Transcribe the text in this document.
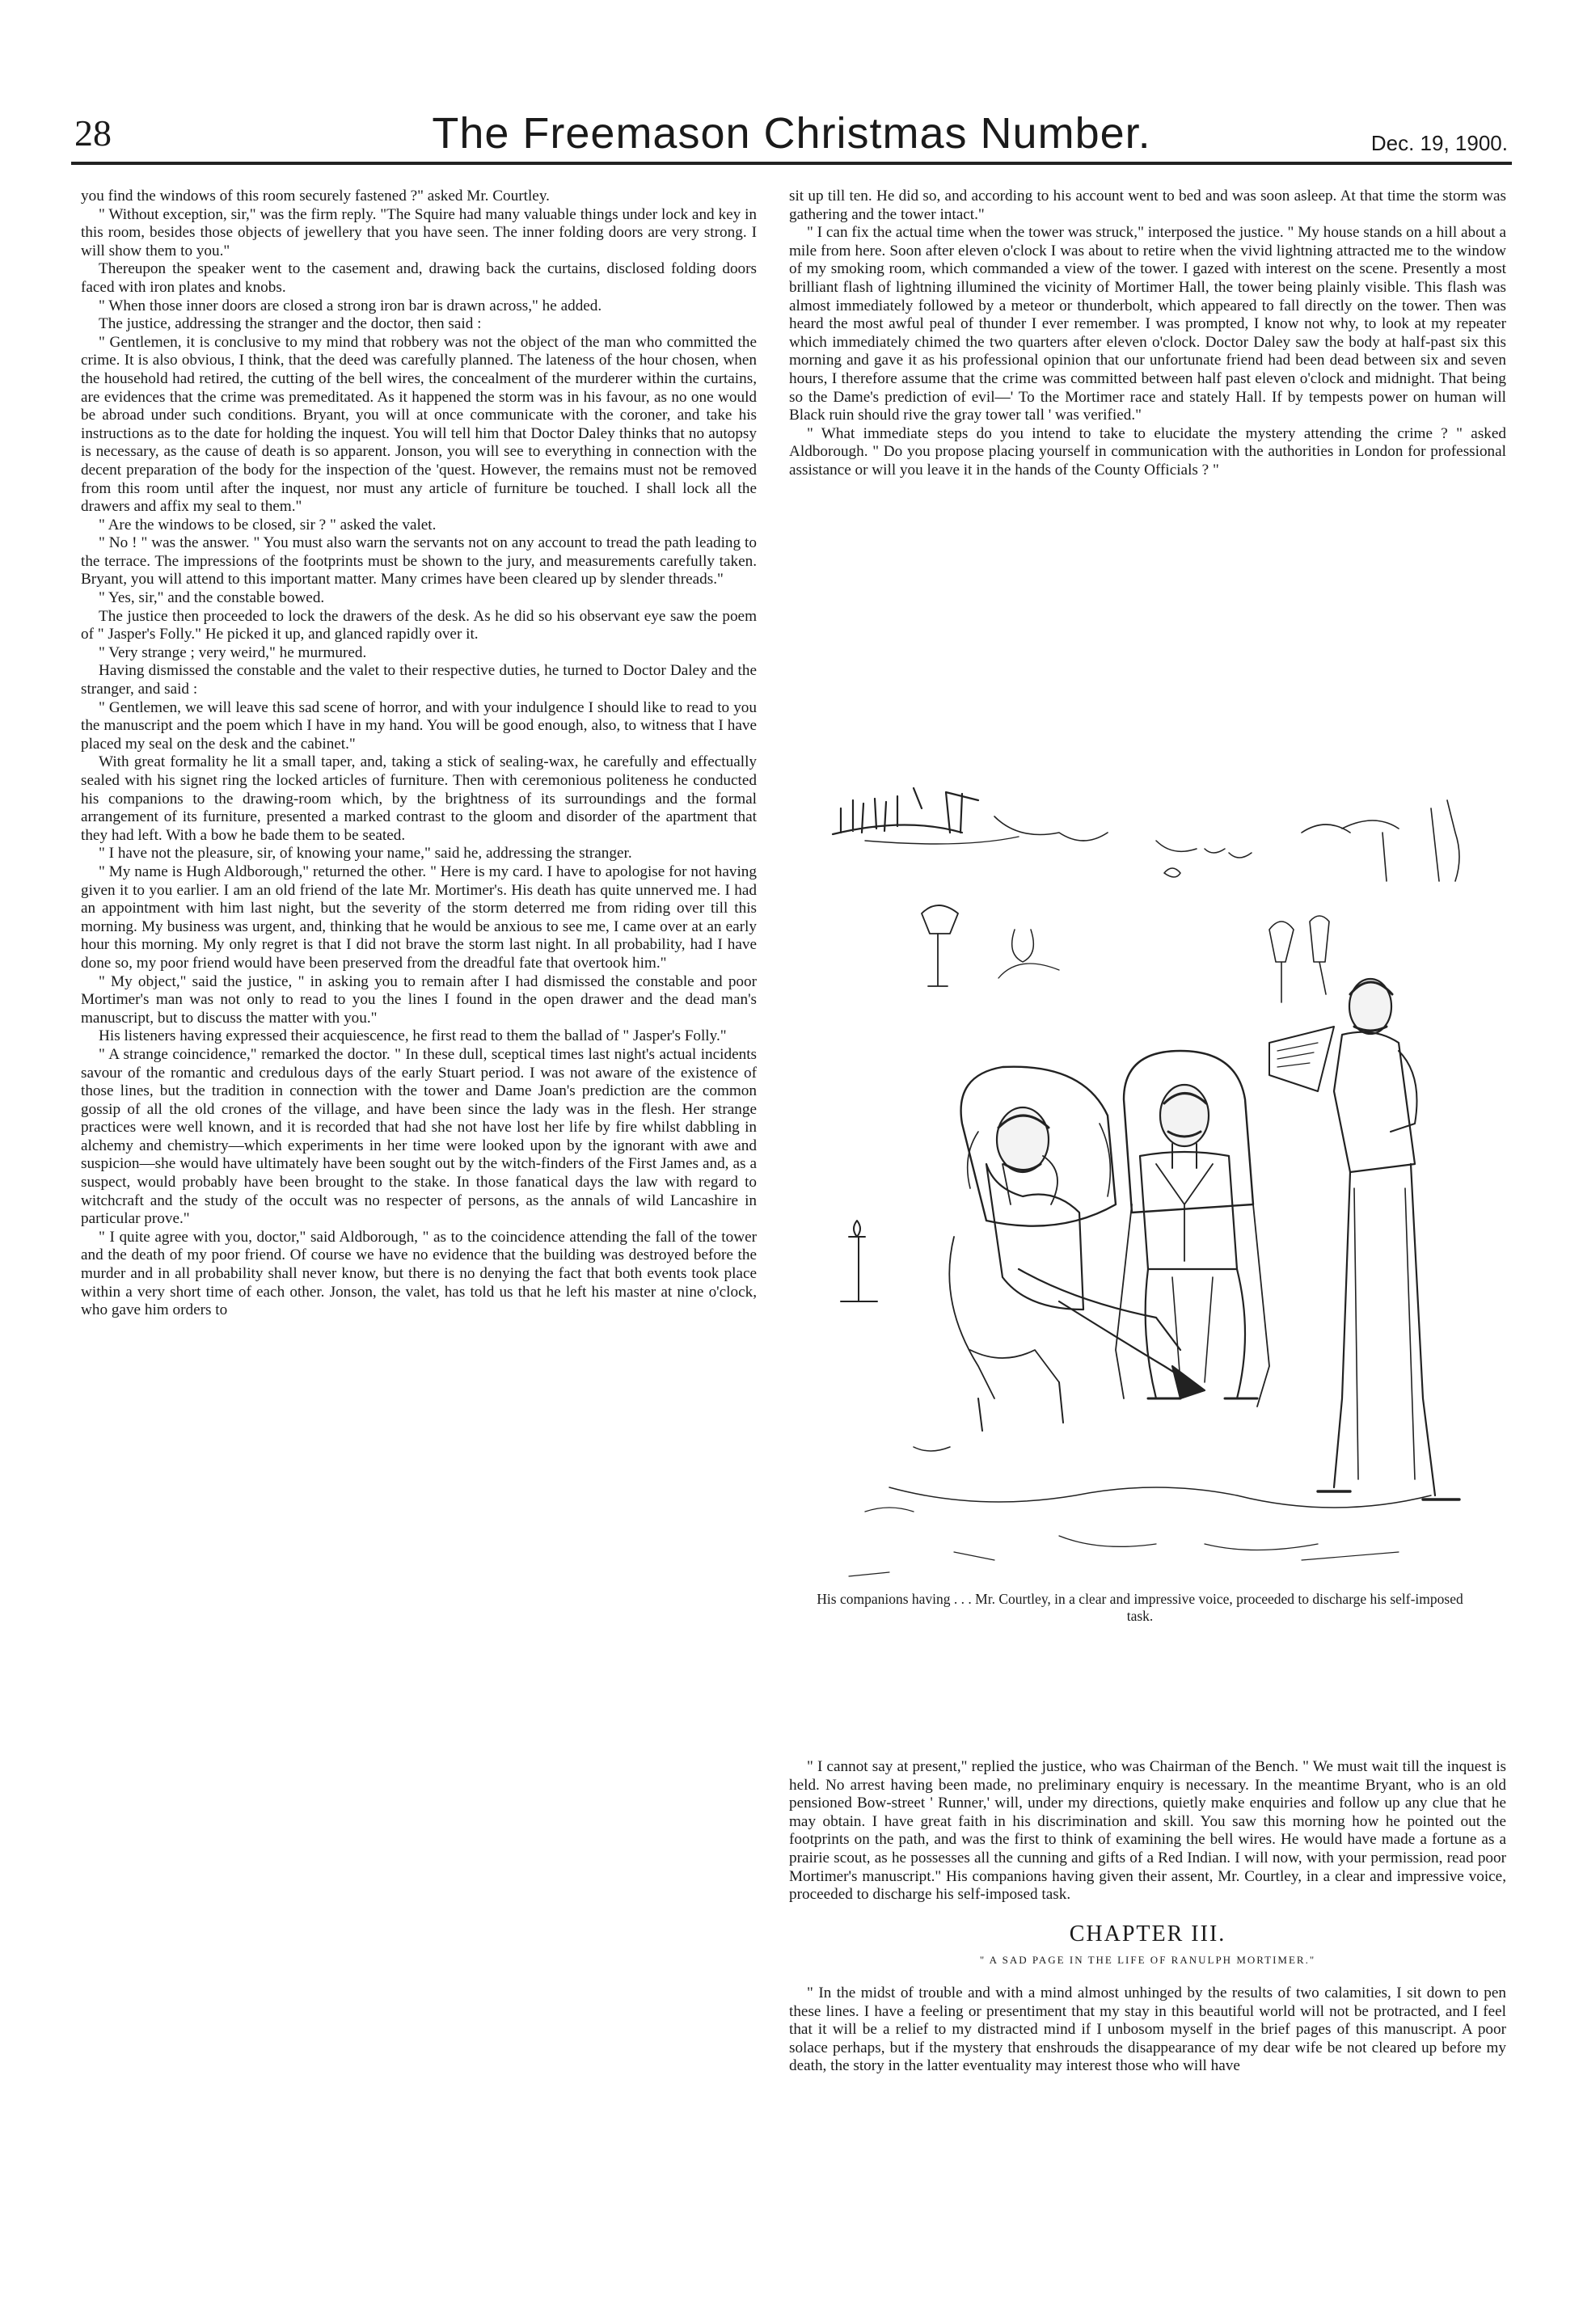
28	The Freemason Christmas Number.	Dec. 19, 1900.

you find the windows of this room securely fastened ?" asked Mr. Courtley.

" Without exception, sir," was the firm reply. "The Squire had many valuable things under lock and key in this room, besides those objects of jewellery that you have seen. The inner folding doors are very strong. I will show them to you."

Thereupon the speaker went to the casement and, drawing back the curtains, disclosed folding doors faced with iron plates and knobs.

" When those inner doors are closed a strong iron bar is drawn across," he added.

The justice, addressing the stranger and the doctor, then said :

" Gentlemen, it is conclusive to my mind that robbery was not the object of the man who committed the crime. It is also obvious, I think, that the deed was carefully planned. The lateness of the hour chosen, when the household had retired, the cutting of the bell wires, the concealment of the murderer within the curtains, are evidences that the crime was premeditated. As it happened the storm was in his favour, as no one would be abroad under such conditions. Bryant, you will at once communicate with the coroner, and take his instructions as to the date for holding the inquest. You will tell him that Doctor Daley thinks that no autopsy is necessary, as the cause of death is so apparent. Jonson, you will see to everything in connection with the decent preparation of the body for the inspection of the 'quest. However, the remains must not be removed from this room until after the inquest, nor must any article of furniture be touched. I shall lock all the drawers and affix my seal to them."

" Are the windows to be closed, sir ? " asked the valet.

" No ! " was the answer. " You must also warn the servants not on any account to tread the path leading to the terrace. The impressions of the footprints must be shown to the jury, and measurements carefully taken. Bryant, you will attend to this important matter. Many crimes have been cleared up by slender threads."

" Yes, sir," and the constable bowed.

The justice then proceeded to lock the drawers of the desk. As he did so his observant eye saw the poem of " Jasper's Folly." He picked it up, and glanced rapidly over it.

" Very strange ; very weird," he murmured.

Having dismissed the constable and the valet to their respective duties, he turned to Doctor Daley and the stranger, and said :

" Gentlemen, we will leave this sad scene of horror, and with your indulgence I should like to read to you the manuscript and the poem which I have in my hand. You will be good enough, also, to witness that I have placed my seal on the desk and the cabinet."

With great formality he lit a small taper, and, taking a stick of sealing-wax, he carefully and effectually sealed with his signet ring the locked articles of furniture. Then with ceremonious politeness he conducted his companions to the drawing-room which, by the brightness of its surroundings and the formal arrangement of its furniture, presented a marked contrast to the gloom and disorder of the apartment that they had left. With a bow he bade them to be seated.

" I have not the pleasure, sir, of knowing your name," said he, addressing the stranger.

" My name is Hugh Aldborough," returned the other. " Here is my card. I have to apologise for not having given it to you earlier. I am an old friend of the late Mr. Mortimer's. His death has quite unnerved me. I had an appointment with him last night, but the severity of the storm deterred me from riding over till this morning. My business was urgent, and, thinking that he would be anxious to see me, I came over at an early hour this morning. My only regret is that I did not brave the storm last night. In all probability, had I have done so, my poor friend would have been preserved from the dreadful fate that overtook him."

" My object," said the justice, " in asking you to remain after I had dismissed the constable and poor Mortimer's man was not only to read to you the lines I found in the open drawer and the dead man's manuscript, but to discuss the matter with you."

His listeners having expressed their acquiescence, he first read to them the ballad of " Jasper's Folly."

" A strange coincidence," remarked the doctor. " In these dull, sceptical times last night's actual incidents savour of the romantic and credulous days of the early Stuart period. I was not aware of the existence of those lines, but the tradition in connection with the tower and Dame Joan's prediction are the common gossip of all the old crones of the village, and have been since the lady was in the flesh. Her strange practices were well known, and it is recorded that had she not have lost her life by fire whilst dabbling in alchemy and chemistry—which experiments in her time were looked upon by the ignorant with awe and suspicion—she would have ultimately have been sought out by the witch-finders of the First James and, as a suspect, would probably have been brought to the stake. In those fanatical days the law with regard to witchcraft and the study of the occult was no respecter of persons, as the annals of wild Lancashire in particular prove."

" I quite agree with you, doctor," said Aldborough, " as to the coincidence attending the fall of the tower and the death of my poor friend. Of course we have no evidence that the building was destroyed before the murder and in all probability shall never know, but there is no denying the fact that both events took place within a very short time of each other. Jonson, the valet, has told us that he left his master at nine o'clock, who gave him orders to

sit up till ten. He did so, and according to his account went to bed and was soon asleep. At that time the storm was gathering and the tower intact."

" I can fix the actual time when the tower was struck," interposed the justice. " My house stands on a hill about a mile from here. Soon after eleven o'clock I was about to retire when the vivid lightning attracted me to the window of my smoking room, which commanded a view of the tower. I gazed with interest on the scene. Presently a most brilliant flash of lightning illumined the vicinity of Mortimer Hall, the tower being plainly visible. This flash was almost immediately followed by a meteor or thunderbolt, which appeared to fall directly on the tower. Then was heard the most awful peal of thunder I ever remember. I was prompted, I know not why, to look at my repeater which immediately chimed the two quarters after eleven o'clock. Doctor Daley saw the body at half-past six this morning and gave it as his professional opinion that our unfortunate friend had been dead between six and seven hours, I therefore assume that the crime was committed between half past eleven o'clock and midnight. That being so the Dame's prediction of evil—' To the Mortimer race and stately Hall. If by tempests power on human will Black ruin should rive the gray tower tall ' was verified."

" What immediate steps do you intend to take to elucidate the mystery attending the crime ? " asked Aldborough. " Do you propose placing yourself in communication with the authorities in London for professional assistance or will you leave it in the hands of the County Officials ? "

His companions having . . . Mr. Courtley, in a clear and impressive voice, proceeded to discharge his self-imposed task.

" I cannot say at present," replied the justice, who was Chairman of the Bench. " We must wait till the inquest is held. No arrest having been made, no preliminary enquiry is necessary. In the meantime Bryant, who is an old pensioned Bow-street ' Runner,' will, under my directions, quietly make enquiries and follow up any clue that he may obtain. I have great faith in his discrimination and skill. You saw this morning how he pointed out the footprints on the path, and was the first to think of examining the bell wires. He would have made a fortune as a prairie scout, as he possesses all the cunning and gifts of a Red Indian. I will now, with your permission, read poor Mortimer's manuscript." His companions having given their assent, Mr. Courtley, in a clear and impressive voice, proceeded to discharge his self-imposed task.

CHAPTER III.

" A SAD PAGE IN THE LIFE OF RANULPH MORTIMER."

" In the midst of trouble and with a mind almost unhinged by the results of two calamities, I sit down to pen these lines. I have a feeling or presentiment that my stay in this beautiful world will not be protracted, and I feel that it will be a relief to my distracted mind if I unbosom myself in the brief pages of this manuscript. A poor solace perhaps, but if the mystery that enshrouds the disappearance of my dear wife be not cleared up before my death, the story in the latter eventuality may interest those who will have
